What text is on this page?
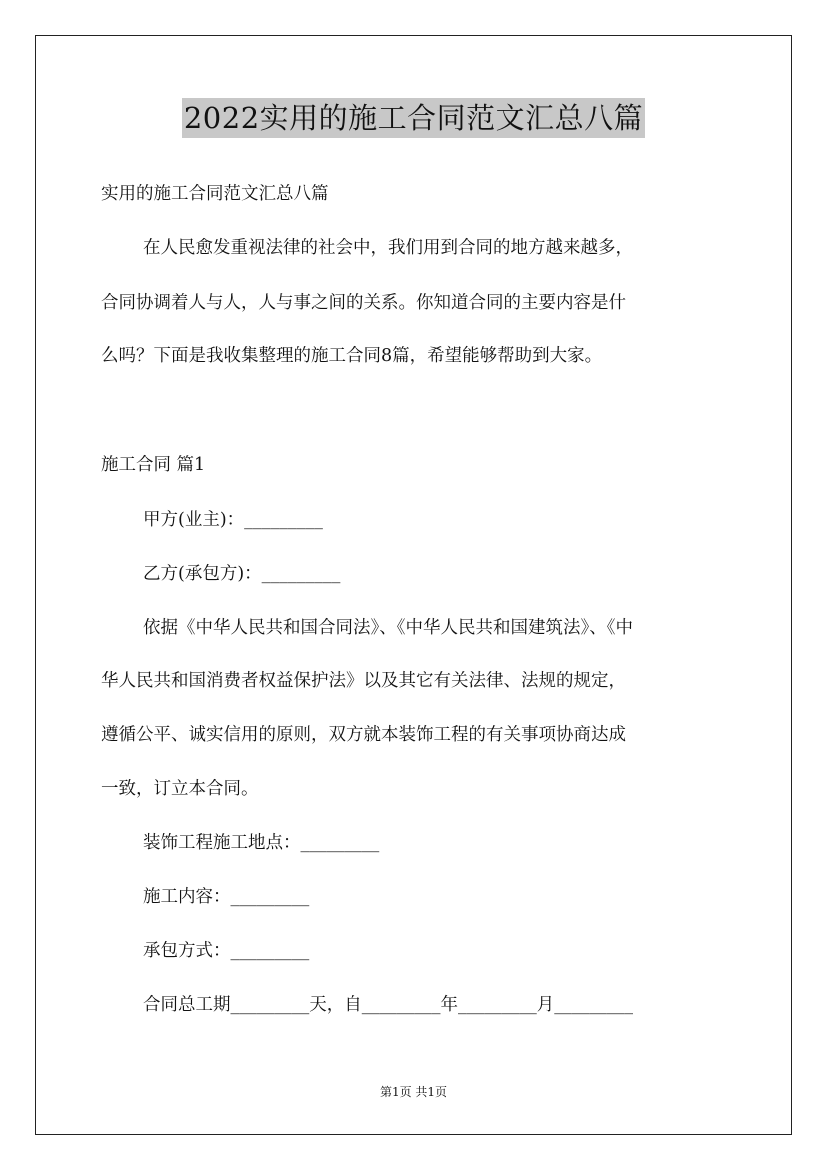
2022实用的施工合同范文汇总八篇
实用的施工合同范文汇总八篇
在人民愈发重视法律的社会中，我们用到合同的地方越来越多，
合同协调着人与人，人与事之间的关系。你知道合同的主要内容是什
么吗？下面是我收集整理的施工合同8篇，希望能够帮助到大家。
施工合同 篇1
甲方(业主)：_________
乙方(承包方)：_________
依据《中华人民共和国合同法》、《中华人民共和国建筑法》、《中
华人民共和国消费者权益保护法》以及其它有关法律、法规的规定，
遵循公平、诚实信用的原则，双方就本装饰工程的有关事项协商达成
一致，订立本合同。
装饰工程施工地点：_________
施工内容：_________
承包方式：_________
合同总工期_________天，自_________年_________月_________
第1页 共1页
